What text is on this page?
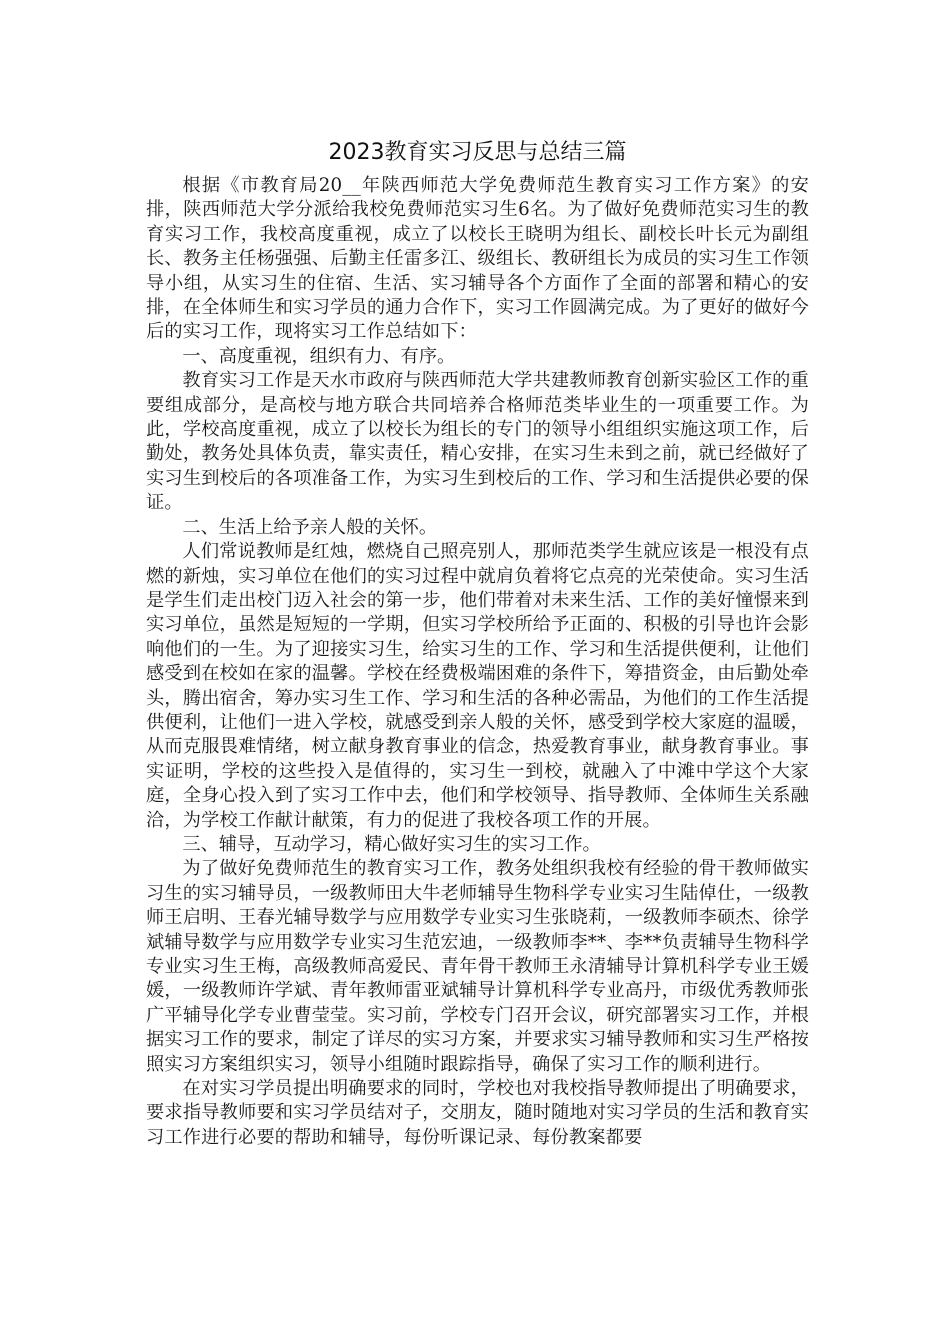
2023教育实习反思与总结三篇

根据《市教育局20__年陕西师范大学免费师范生教育实习工作方案》的安排，陕西师范大学分派给我校免费师范实习生6名。为了做好免费师范实习生的教育实习工作，我校高度重视，成立了以校长王晓明为组长、副校长叶长元为副组长、教务主任杨强强、后勤主任雷多江、级组长、教研组长为成员的实习生工作领导小组，从实习生的住宿、生活、实习辅导各个方面作了全面的部署和精心的安排，在全体师生和实习学员的通力合作下，实习工作圆满完成。为了更好的做好今后的实习工作，现将实习工作总结如下：

一、高度重视，组织有力、有序。

教育实习工作是天水市政府与陕西师范大学共建教师教育创新实验区工作的重要组成部分，是高校与地方联合共同培养合格师范类毕业生的一项重要工作。为此，学校高度重视，成立了以校长为组长的专门的领导小组组织实施这项工作，后勤处，教务处具体负责，靠实责任，精心安排，在实习生未到之前，就已经做好了实习生到校后的各项准备工作，为实习生到校后的工作、学习和生活提供必要的保证。

二、生活上给予亲人般的关怀。

人们常说教师是红烛，燃烧自己照亮别人，那师范类学生就应该是一根没有点燃的新烛，实习单位在他们的实习过程中就肩负着将它点亮的光荣使命。实习生活是学生们走出校门迈入社会的第一步，他们带着对未来生活、工作的美好憧憬来到实习单位，虽然是短短的一学期，但实习学校所给予正面的、积极的引导也许会影响他们的一生。为了迎接实习生，给实习生的工作、学习和生活提供便利，让他们感受到在校如在家的温馨。学校在经费极端困难的条件下，筹措资金，由后勤处牵头，腾出宿舍，筹办实习生工作、学习和生活的各种必需品，为他们的工作生活提供便利，让他们一进入学校，就感受到亲人般的关怀，感受到学校大家庭的温暖，从而克服畏难情绪，树立献身教育事业的信念，热爱教育事业，献身教育事业。事实证明，学校的这些投入是值得的，实习生一到校，就融入了中滩中学这个大家庭，全身心投入到了实习工作中去，他们和学校领导、指导教师、全体师生关系融洽，为学校工作献计献策，有力的促进了我校各项工作的开展。

三、辅导，互动学习，精心做好实习生的实习工作。

为了做好免费师范生的教育实习工作，教务处组织我校有经验的骨干教师做实习生的实习辅导员，一级教师田大牛老师辅导生物科学专业实习生陆倬仕，一级教师王启明、王春光辅导数学与应用数学专业实习生张晓莉，一级教师李硕杰、徐学斌辅导数学与应用数学专业实习生范宏迪，一级教师李**、李**负责辅导生物科学专业实习生王梅，高级教师高爱民、青年骨干教师王永清辅导计算机科学专业王媛媛，一级教师许学斌、青年教师雷亚斌辅导计算机科学专业高丹，市级优秀教师张广平辅导化学专业曹莹莹。实习前，学校专门召开会议，研究部署实习工作，并根据实习工作的要求，制定了详尽的实习方案，并要求实习辅导教师和实习生严格按照实习方案组织实习，领导小组随时跟踪指导，确保了实习工作的顺利进行。

在对实习学员提出明确要求的同时，学校也对我校指导教师提出了明确要求，要求指导教师要和实习学员结对子，交朋友，随时随地对实习学员的生活和教育实习工作进行必要的帮助和辅导，每份听课记录、每份教案都要
